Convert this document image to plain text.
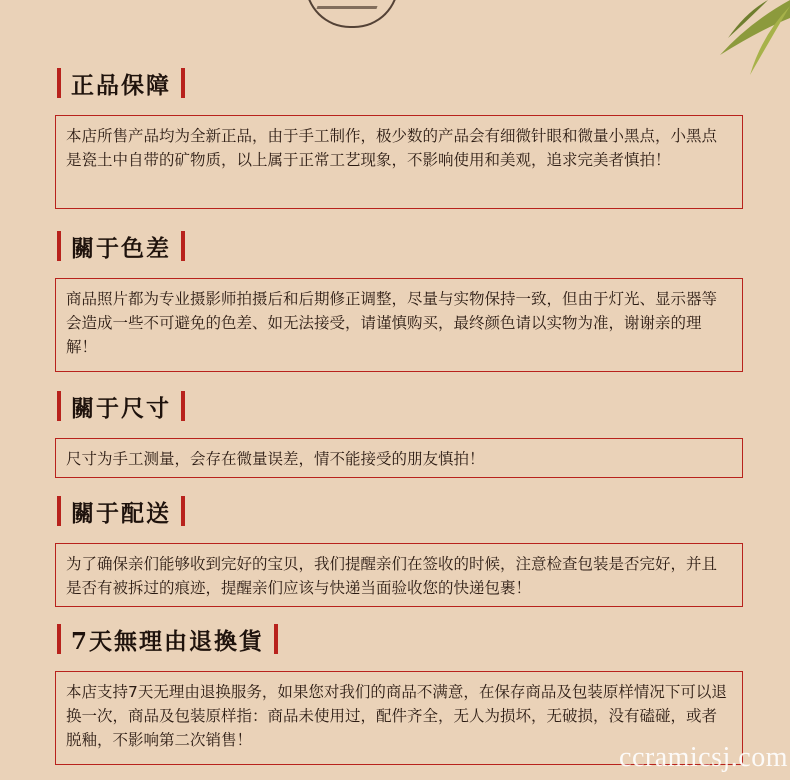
正品保障
本店所售产品均为全新正品，由于手工制作，极少数的产品会有细微针眼和微量小黑点，小黑点是瓷土中自带的矿物质，以上属于正常工艺现象，不影响使用和美观，追求完美者慎拍！
關于色差
商品照片都为专业摄影师拍摄后和后期修正调整，尽量与实物保持一致，但由于灯光、显示器等会造成一些不可避免的色差、如无法接受，请谨慎购买，最终颜色请以实物为准，谢谢亲的理解！
關于尺寸
尺寸为手工测量，会存在微量误差，情不能接受的朋友慎拍！
關于配送
为了确保亲们能够收到完好的宝贝，我们提醒亲们在签收的时候，注意检查包装是否完好，并且是否有被拆过的痕迹，提醒亲们应该与快递当面验收您的快递包裹！
7天無理由退換貨
本店支持7天无理由退换服务，如果您对我们的商品不满意，在保存商品及包装原样情况下可以退换一次，商品及包装原样指：商品未使用过，配件齐全，无人为损坏，无破损，没有磕碰，或者脱釉，不影响第二次销售！
ccramicsj.com
